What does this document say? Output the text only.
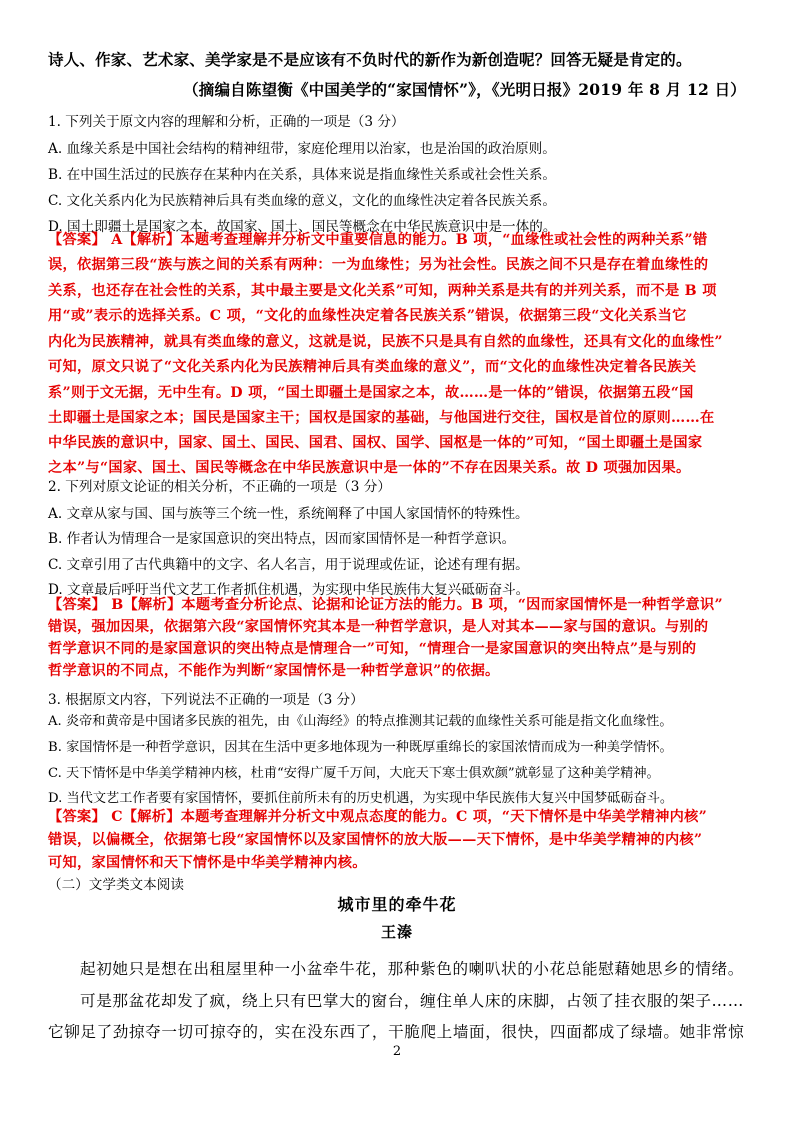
诗人、作家、艺术家、美学家是不是应该有不负时代的新作为新创造呢？回答无疑是肯定的。
（摘编自陈望衡《中国美学的“家国情怀”》，《光明日报》2019 年 8 月 12 日）
1. 下列关于原文内容的理解和分析，正确的一项是（3 分）
A. 血缘关系是中国社会结构的精神纽带，家庭伦理用以治家，也是治国的政治原则。
B. 在中国生活过的民族存在某种内在关系，具体来说是指血缘性关系或社会性关系。
C. 文化关系内化为民族精神后具有类血缘的意义，文化的血缘性决定着各民族关系。
D. 国土即疆土是国家之本，故国家、国土、国民等概念在中华民族意识中是一体的。
【答案】 A【解析】本题考查理解并分析文中重要信息的能力。B 项，“血缘性或社会性的两种关系”错
误，依据第三段“族与族之间的关系有两种：一为血缘性；另为社会性。民族之间不只是存在着血缘性的
关系，也还存在社会性的关系，其中最主要是文化关系”可知，两种关系是共有的并列关系，而不是 B 项
用“或”表示的选择关系。C 项，“文化的血缘性决定着各民族关系”错误，依据第三段“文化关系当它
内化为民族精神，就具有类血缘的意义，这就是说，民族不只是具有自然的血缘性，还具有文化的血缘性”
可知，原文只说了“文化关系内化为民族精神后具有类血缘的意义”，而“文化的血缘性决定着各民族关
系”则于文无据，无中生有。D 项，“国土即疆土是国家之本，故……是一体的”错误，依据第五段“国
土即疆土是国家之本；国民是国家主干；国权是国家的基础，与他国进行交往，国权是首位的原则……在
中华民族的意识中，国家、国土、国民、国君、国权、国学、国枢是一体的”可知，“国土即疆土是国家
之本”与“国家、国土、国民等概念在中华民族意识中是一体的”不存在因果关系。故 D 项强加因果。
2. 下列对原文论证的相关分析，不正确的一项是（3 分）
A. 文章从家与国、国与族等三个统一性，系统阐释了中国人家国情怀的特殊性。
B. 作者认为情理合一是家国意识的突出特点，因而家国情怀是一种哲学意识。
C. 文章引用了古代典籍中的文字、名人名言，用于说理或佐证，论述有理有据。
D. 文章最后呼吁当代文艺工作者抓住机遇，为实现中华民族伟大复兴砥砺奋斗。
【答案】 B【解析】本题考查分析论点、论据和论证方法的能力。B 项，“因而家国情怀是一种哲学意识”
错误，强加因果，依据第六段“家国情怀究其本是一种哲学意识，是人对其本——家与国的意识。与别的
哲学意识不同的是家国意识的突出特点是情理合一”可知，“情理合一是家国意识的突出特点”是与别的
哲学意识的不同点，不能作为判断“家国情怀是一种哲学意识”的依据。
3. 根据原文内容，下列说法不正确的一项是（3 分）
A. 炎帝和黄帝是中国诸多民族的祖先，由《山海经》的特点推测其记载的血缘性关系可能是指文化血缘性。
B. 家国情怀是一种哲学意识，因其在生活中更多地体现为一种既厚重绵长的家国浓情而成为一种美学情怀。
C. 天下情怀是中华美学精神内核，杜甫“安得广厦千万间，大庇天下寒士俱欢颜”就彰显了这种美学精神。
D. 当代文艺工作者要有家国情怀，要抓住前所未有的历史机遇，为实现中华民族伟大复兴中国梦砥砺奋斗。
【答案】 C【解析】本题考查理解并分析文中观点态度的能力。C 项，“天下情怀是中华美学精神内核”
错误，以偏概全，依据第七段“家国情怀以及家国情怀的放大版——天下情怀，是中华美学精神的内核”
可知，家国情怀和天下情怀是中华美学精神内核。
（二）文学类文本阅读
城市里的牵牛花
王溱
2
起初她只是想在出租屋里种一小盆牵牛花，那种紫色的喇叭状的小花总能慰藉她思乡的情绪。
可是那盆花却发了疯，绕上只有巴掌大的窗台，缠住单人床的床脚，占领了挂衣服的架子……
它铆足了劲掠夺一切可掠夺的，实在没东西了，干脆爬上墙面，很快，四面都成了绿墙。她非常惊
